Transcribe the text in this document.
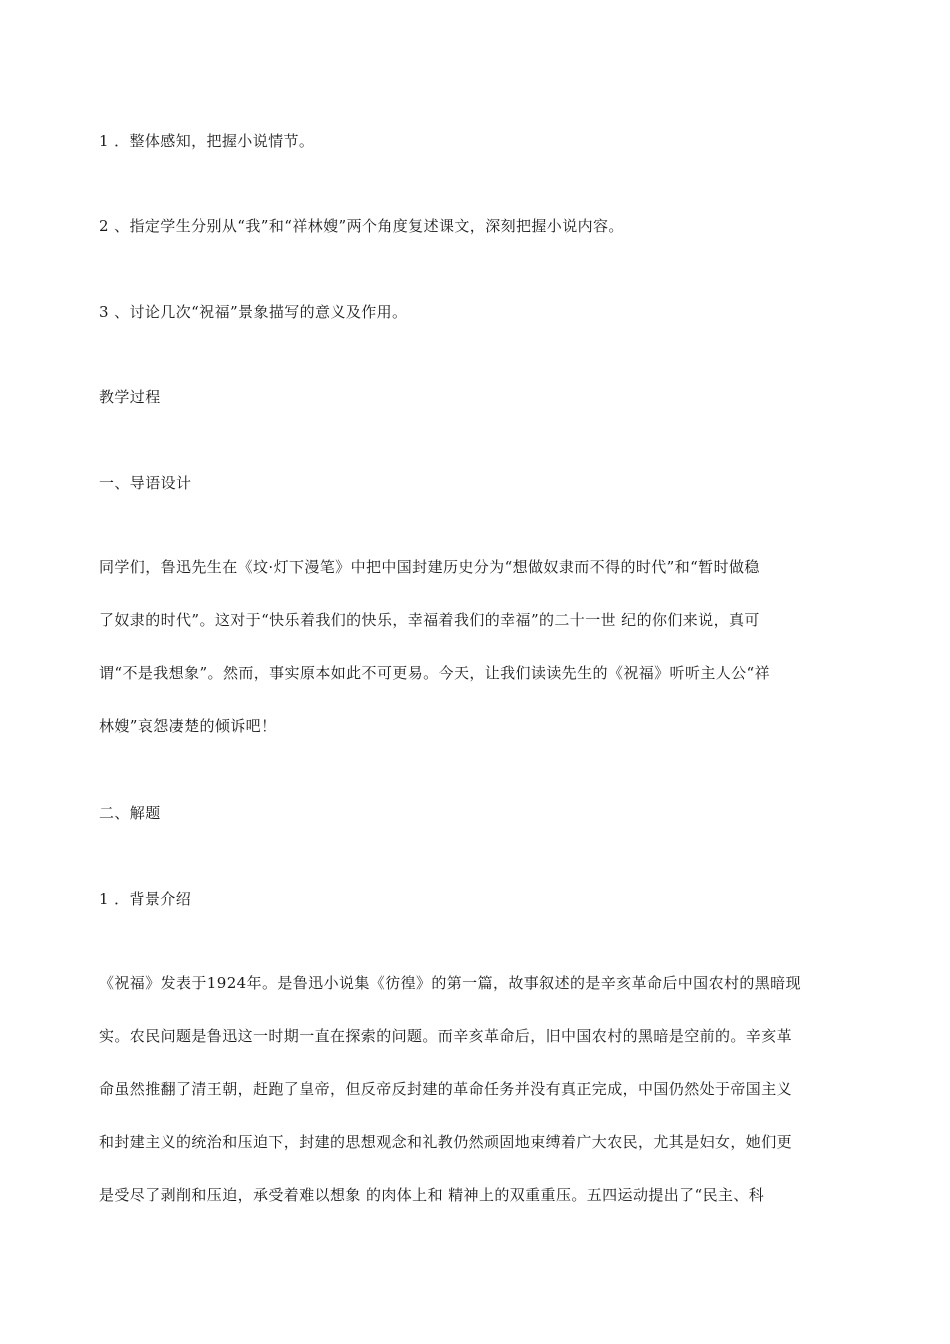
1 ．整体感知，把握小说情节。
2 、指定学生分别从“我”和“祥林嫂”两个角度复述课文，深刻把握小说内容。
3 、讨论几次“祝福”景象描写的意义及作用。
教学过程
一、导语设计
同学们，鲁迅先生在《坟·灯下漫笔》中把中国封建历史分为“想做奴隶而不得的时代”和“暂时做稳
了奴隶的时代”。这对于“快乐着我们的快乐，幸福着我们的幸福”的二十一世 纪的你们来说，真可
谓“不是我想象”。然而，事实原本如此不可更易。今天，让我们读读先生的《祝福》听听主人公“祥
林嫂”哀怨凄楚的倾诉吧！
二、解题
1 ．背景介绍
《祝福》发表于1924年。是鲁迅小说集《彷徨》的第一篇，故事叙述的是辛亥革命后中国农村的黑暗现
实。农民问题是鲁迅这一时期一直在探索的问题。而辛亥革命后，旧中国农村的黑暗是空前的。辛亥革
命虽然推翻了清王朝，赶跑了皇帝，但反帝反封建的革命任务并没有真正完成，中国仍然处于帝国主义
和封建主义的统治和压迫下，封建的思想观念和礼教仍然顽固地束缚着广大农民，尤其是妇女，她们更
是受尽了剥削和压迫，承受着难以想象 的肉体上和 精神上的双重重压。五四运动提出了“民主、科
